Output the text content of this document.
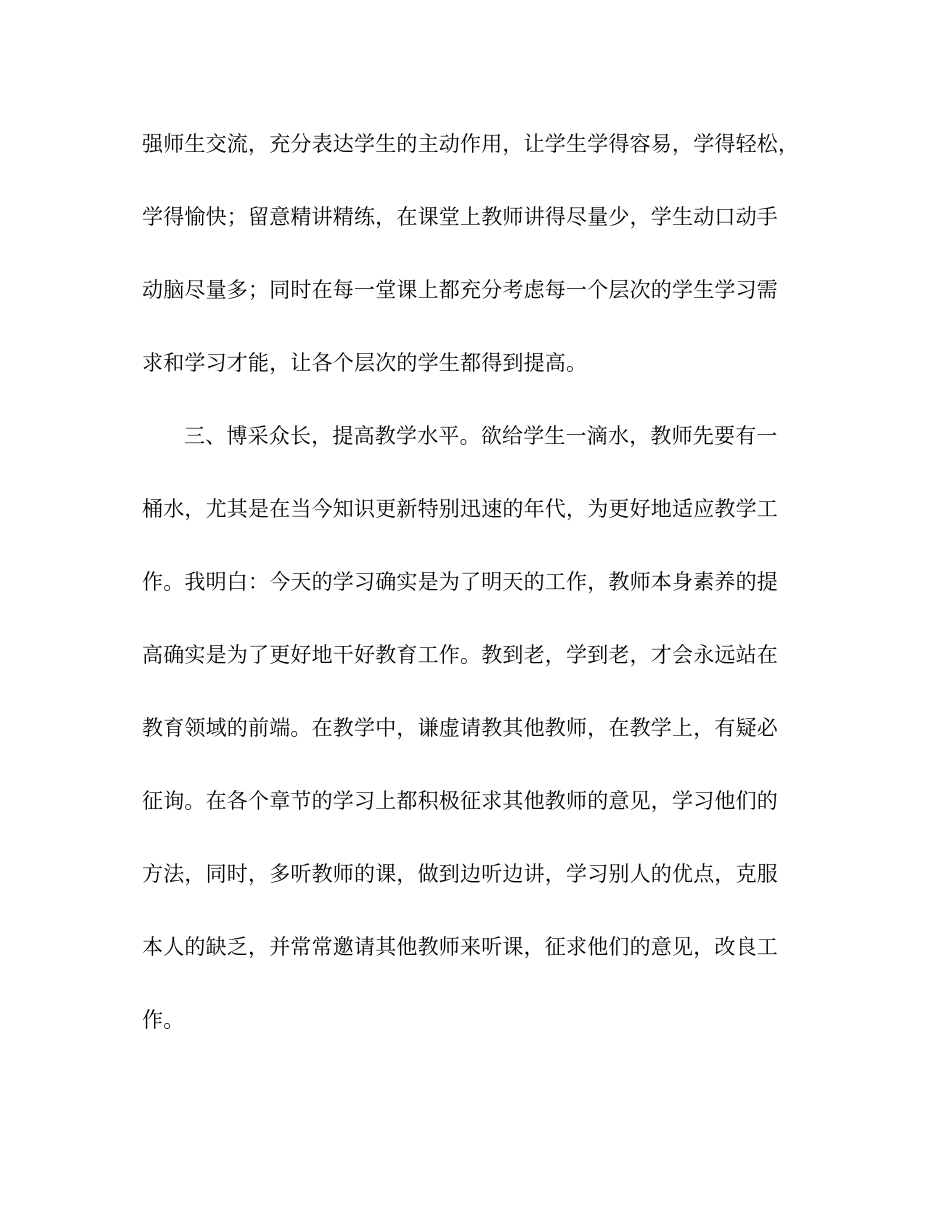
强师生交流，充分表达学生的主动作用，让学生学得容易，学得轻松，
学得愉快；留意精讲精练，在课堂上教师讲得尽量少，学生动口动手
动脑尽量多；同时在每一堂课上都充分考虑每一个层次的学生学习需
求和学习才能，让各个层次的学生都得到提高。
三、博采众长，提高教学水平。欲给学生一滴水，教师先要有一
桶水，尤其是在当今知识更新特别迅速的年代，为更好地适应教学工
作。我明白：今天的学习确实是为了明天的工作，教师本身素养的提
高确实是为了更好地干好教育工作。教到老，学到老，才会永远站在
教育领域的前端。在教学中，谦虚请教其他教师，在教学上，有疑必
征询。在各个章节的学习上都积极征求其他教师的意见，学习他们的
方法，同时，多听教师的课，做到边听边讲，学习别人的优点，克服
本人的缺乏，并常常邀请其他教师来听课，征求他们的意见，改良工
作。
